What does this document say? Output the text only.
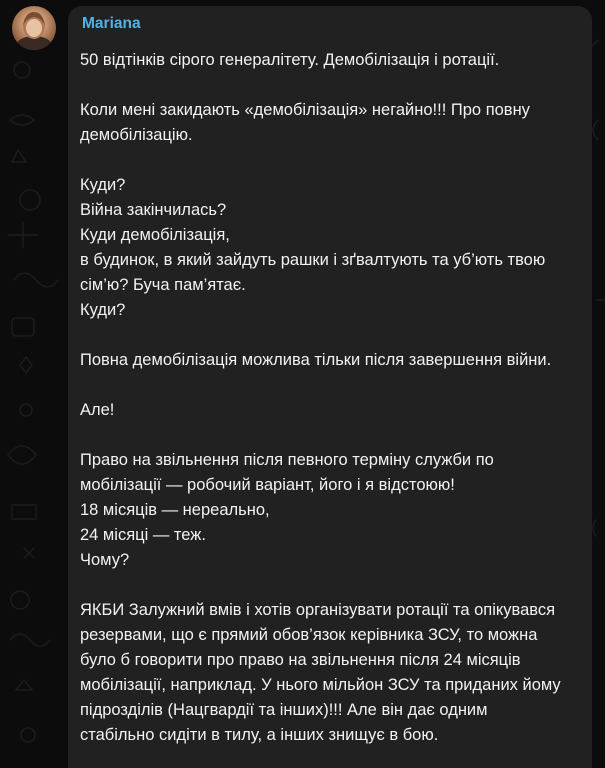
Mariana
50 відтінків сірого генералітету. Демобілізація і ротації.
Коли мені закидають «демобілізація» негайно!!! Про повну
демобілізацію.
Куди?
Війна закінчилась?
Куди демобілізація,
в будинок, в який зайдуть рашки і зґвалтують та уб’ють твою
сім’ю? Буча пам’ятає.
Куди?
Повна демобілізація можлива тільки після завершення війни.
Але!
Право на звільнення після певного терміну служби по
мобілізації — робочий варіант, його і я відстоюю!
18 місяців — нереально,
24 місяці — теж.
Чому?
ЯКБИ Залужний вмів і хотів організувати ротації та опікувався
резервами, що є прямий обов’язок керівника ЗСУ, то можна
було б говорити про право на звільнення після 24 місяців
мобілізації, наприклад. У нього мільйон ЗСУ та приданих йому
підрозділів (Нацгвардії та інших)!!! Але він дає одним
стабільно сидіти в тилу, а інших знищує в бою.
